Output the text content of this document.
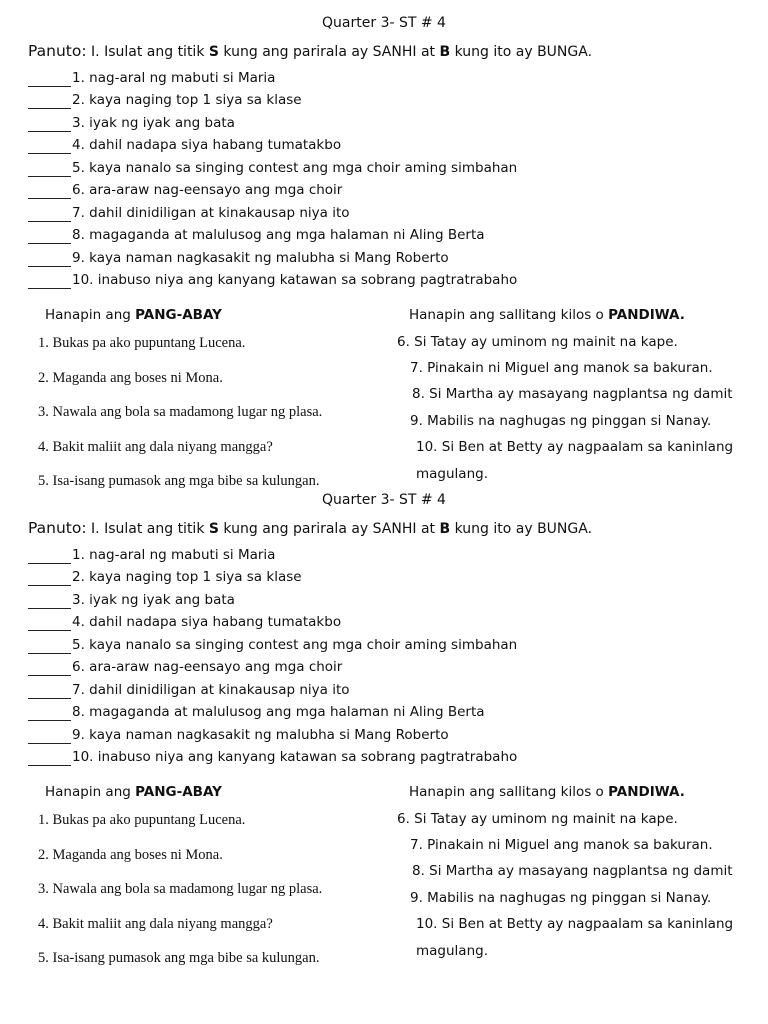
Quarter 3- ST # 4
Panuto: I. Isulat ang titik S kung ang parirala ay SANHI at B kung ito ay BUNGA.
1. nag-aral ng mabuti si Maria
2. kaya naging top 1 siya sa klase
3. iyak ng iyak ang bata
4. dahil nadapa siya habang tumatakbo
5. kaya nanalo sa singing contest ang mga choir aming simbahan
6. ara-araw nag-eensayo ang mga choir
7. dahil dinidiligan at kinakausap niya ito
8. magaganda at malulusog ang mga halaman ni Aling Berta
9. kaya naman nagkasakit ng malubha si Mang Roberto
10. inabuso niya ang kanyang katawan sa sobrang pagtratrabaho
Hanapin ang PANG-ABAY	Hanapin ang sallitang kilos o PANDIWA.
1. Bukas pa ako pupuntang Lucena.
2. Maganda ang boses ni Mona.
3. Nawala ang bola sa madamong lugar ng plasa.
4. Bakit maliit ang dala niyang mangga?
5. Isa-isang pumasok ang mga bibe sa kulungan.
6. Si Tatay ay uminom ng mainit na kape.
7. Pinakain ni Miguel ang manok sa bakuran.
8. Si Martha ay masayang nagplantsa ng damit
9. Mabilis na naghugas ng pinggan si Nanay.
10. Si Ben at Betty ay nagpaalam sa kaninlang
magulang.
Quarter 3- ST # 4
Panuto: I. Isulat ang titik S kung ang parirala ay SANHI at B kung ito ay BUNGA.
1. nag-aral ng mabuti si Maria
2. kaya naging top 1 siya sa klase
3. iyak ng iyak ang bata
4. dahil nadapa siya habang tumatakbo
5. kaya nanalo sa singing contest ang mga choir aming simbahan
6. ara-araw nag-eensayo ang mga choir
7. dahil dinidiligan at kinakausap niya ito
8. magaganda at malulusog ang mga halaman ni Aling Berta
9. kaya naman nagkasakit ng malubha si Mang Roberto
10. inabuso niya ang kanyang katawan sa sobrang pagtratrabaho
Hanapin ang PANG-ABAY	Hanapin ang sallitang kilos o PANDIWA.
1. Bukas pa ako pupuntang Lucena.
2. Maganda ang boses ni Mona.
3. Nawala ang bola sa madamong lugar ng plasa.
4. Bakit maliit ang dala niyang mangga?
5. Isa-isang pumasok ang mga bibe sa kulungan.
6. Si Tatay ay uminom ng mainit na kape.
7. Pinakain ni Miguel ang manok sa bakuran.
8. Si Martha ay masayang nagplantsa ng damit
9. Mabilis na naghugas ng pinggan si Nanay.
10. Si Ben at Betty ay nagpaalam sa kaninlang
magulang.
